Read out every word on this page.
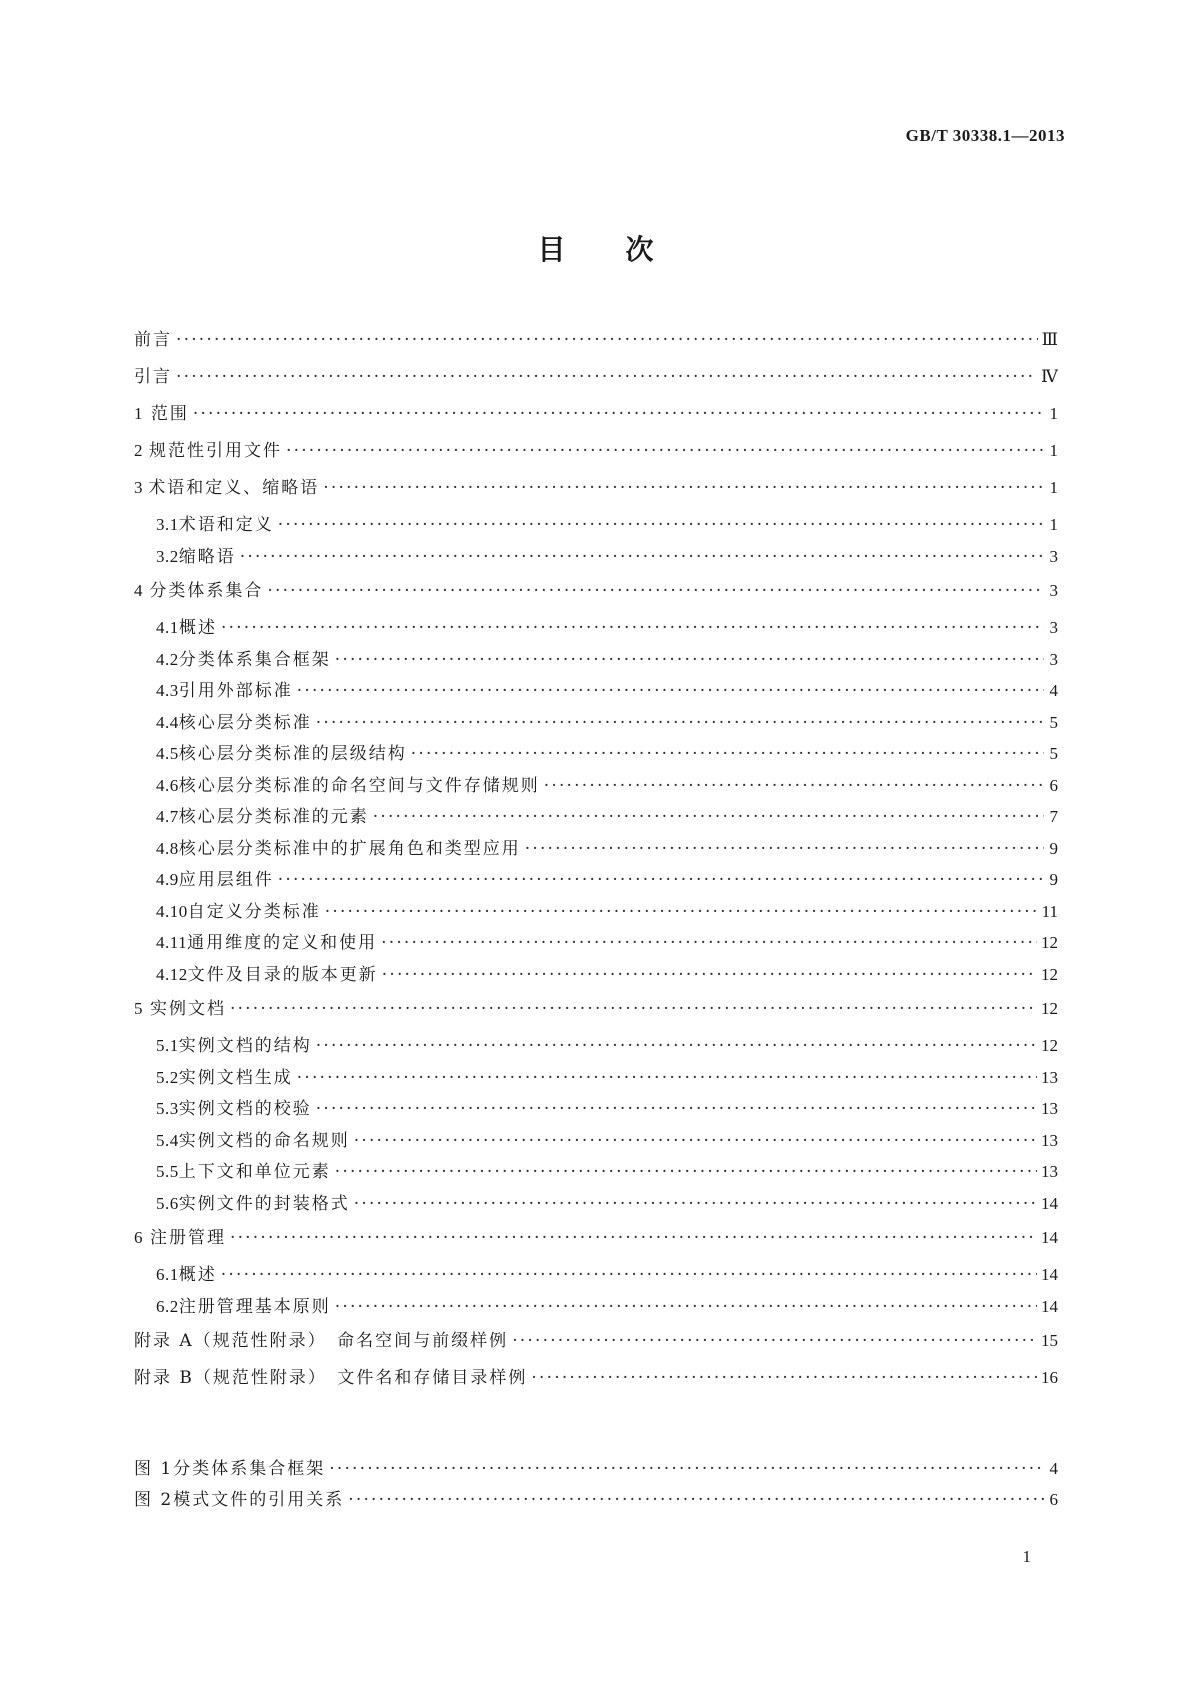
GB/T 30338.1—2013
目次
前言 ·····	Ⅲ
引言 ·····	Ⅳ
1 范围 ·····	1
2 规范性引用文件 ·····	1
3 术语和定义、缩略语 ·····	1
3.1 术语和定义 ·····	1
3.2 缩略语 ·····	3
4 分类体系集合 ·····	3
4.1 概述 ·····	3
4.2 分类体系集合框架 ·····	3
4.3 引用外部标准 ·····	4
4.4 核心层分类标准 ·····	5
4.5 核心层分类标准的层级结构 ·····	5
4.6 核心层分类标准的命名空间与文件存储规则 ·····	6
4.7 核心层分类标准的元素 ·····	7
4.8 核心层分类标准中的扩展角色和类型应用 ·····	9
4.9 应用层组件 ·····	9
4.10 自定义分类标准 ·····	11
4.11 通用维度的定义和使用 ·····	12
4.12 文件及目录的版本更新 ·····	12
5 实例文档 ·····	12
5.1 实例文档的结构 ·····	12
5.2 实例文档生成 ·····	13
5.3 实例文档的校验 ·····	13
5.4 实例文档的命名规则 ·····	13
5.5 上下文和单位元素 ·····	13
5.6 实例文件的封装格式 ·····	14
6 注册管理 ·····	14
6.1 概述 ·····	14
6.2 注册管理基本原则 ·····	14
附录 A（规范性附录）　命名空间与前缀样例 ·····	15
附录 B（规范性附录）　文件名和存储目录样例 ·····	16
图 1 分类体系集合框架 ·····	4
图 2 模式文件的引用关系 ·····	6
1
